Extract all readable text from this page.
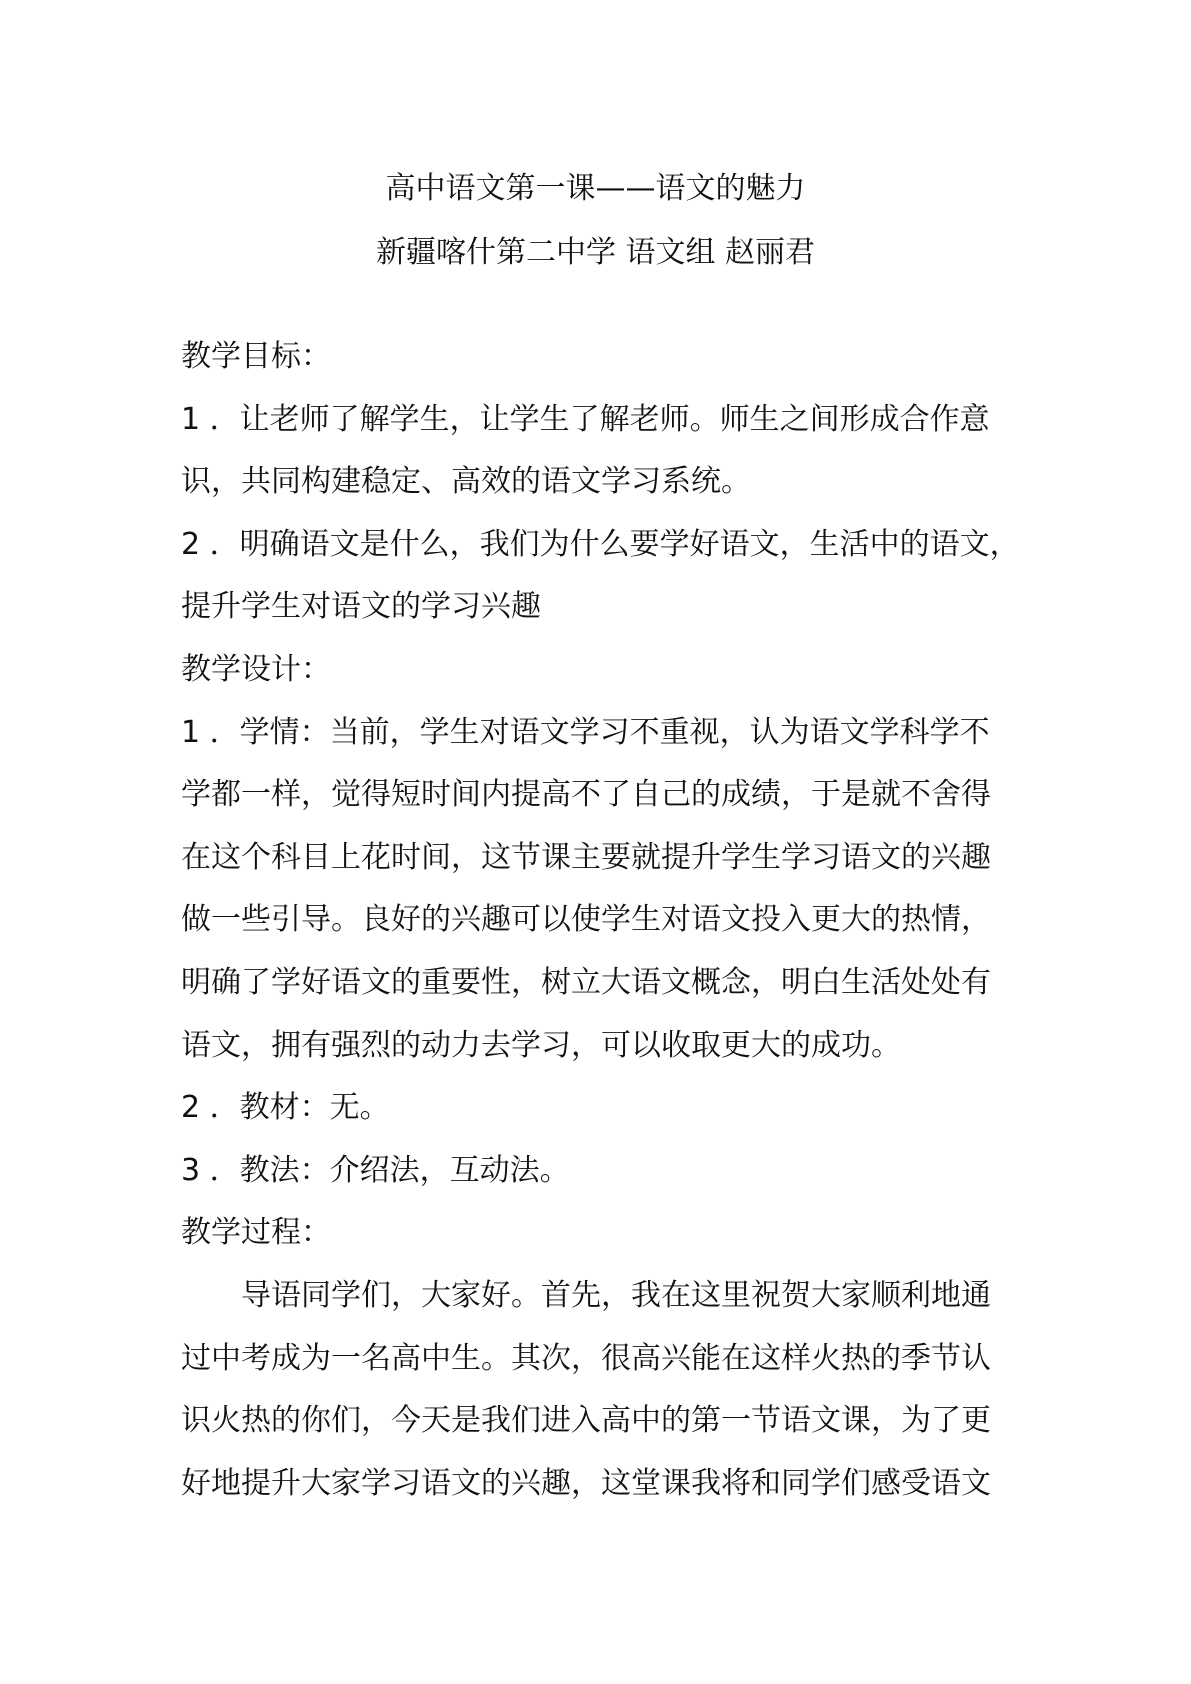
高中语文第一课——语文的魅力
新疆喀什第二中学 语文组 赵丽君
教学目标：
1 ．让老师了解学生，让学生了解老师。师生之间形成合作意
识，共同构建稳定、高效的语文学习系统。
2 ．明确语文是什么，我们为什么要学好语文，生活中的语文，
提升学生对语文的学习兴趣
教学设计：
1 ．学情：当前，学生对语文学习不重视，认为语文学科学不
学都一样，觉得短时间内提高不了自己的成绩，于是就不舍得
在这个科目上花时间，这节课主要就提升学生学习语文的兴趣
做一些引导。良好的兴趣可以使学生对语文投入更大的热情，
明确了学好语文的重要性，树立大语文概念，明白生活处处有
语文，拥有强烈的动力去学习，可以收取更大的成功。
2 ．教材：无。
3 ．教法：介绍法，互动法。
教学过程：
导语同学们，大家好。首先，我在这里祝贺大家顺利地通
过中考成为一名高中生。其次，很高兴能在这样火热的季节认
识火热的你们，今天是我们进入高中的第一节语文课，为了更
好地提升大家学习语文的兴趣，这堂课我将和同学们感受语文
